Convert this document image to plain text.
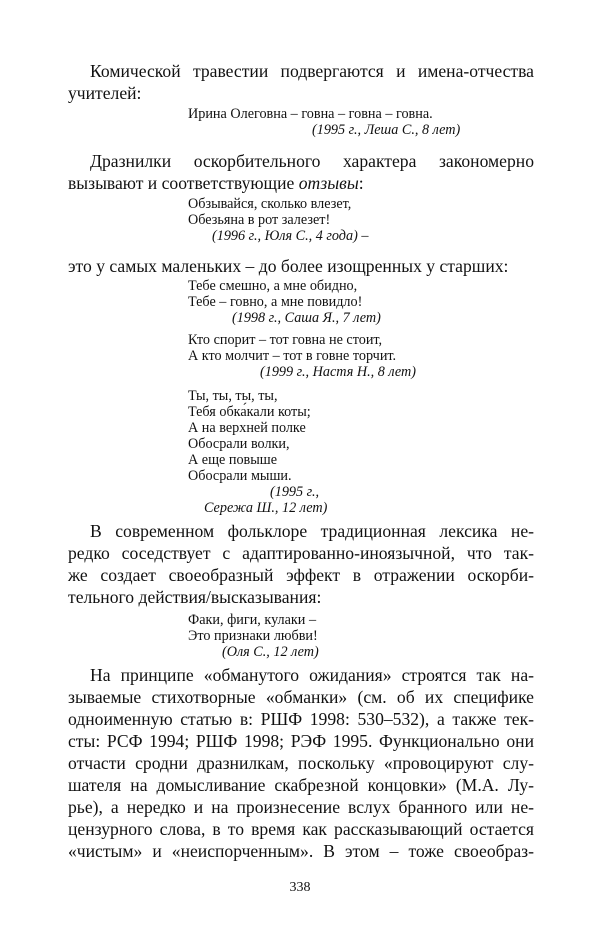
Комической травестии подвергаются и имена-отчества
учителей:

Ирина Олеговна – говна – говна – говна.
(1995 г., Леша С., 8 лет)

Дразнилки оскорбительного характера закономерно
вызывают и соответствующие отзывы:

Обзывайся, сколько влезет,
Обезьяна в рот залезет!
(1996 г., Юля С., 4 года) –

это у самых маленьких – до более изощренных у старших:

Тебе смешно, а мне обидно,
Тебе – говно, а мне повидло!
(1998 г., Саша Я., 7 лет)
Кто спорит – тот говна не стоит,
А кто молчит – тот в говне торчит.
(1999 г., Настя Н., 8 лет)
Ты, ты, ты, ты,
Тебя обка́кали коты;
А на верхней полке
Обосрали волки,
А еще повыше
Обосрали мыши.
(1995 г.,
Сережа Ш., 12 лет)

В современном фольклоре традиционная лексика не-
редко соседствует с адаптированно-иноязычной, что так-
же создает своеобразный эффект в отражении оскорби-
тельного действия/высказывания:

Факи, фиги, кулаки –
Это признаки любви!
(Оля С., 12 лет)

На принципе «обманутого ожидания» строятся так на-
зываемые стихотворные «обманки» (см. об их специфике
одноименную статью в: РШФ 1998: 530–532), а также тек-
сты: РСФ 1994; РШФ 1998; РЭФ 1995. Функционально они
отчасти сродни дразнилкам, поскольку «провоцируют слу-
шателя на домысливание скабрезной концовки» (М.А. Лу-
рье), а нередко и на произнесение вслух бранного или не-
цензурного слова, в то время как рассказывающий остается
«чистым» и «неиспорченным». В этом – тоже своеобраз-

338
